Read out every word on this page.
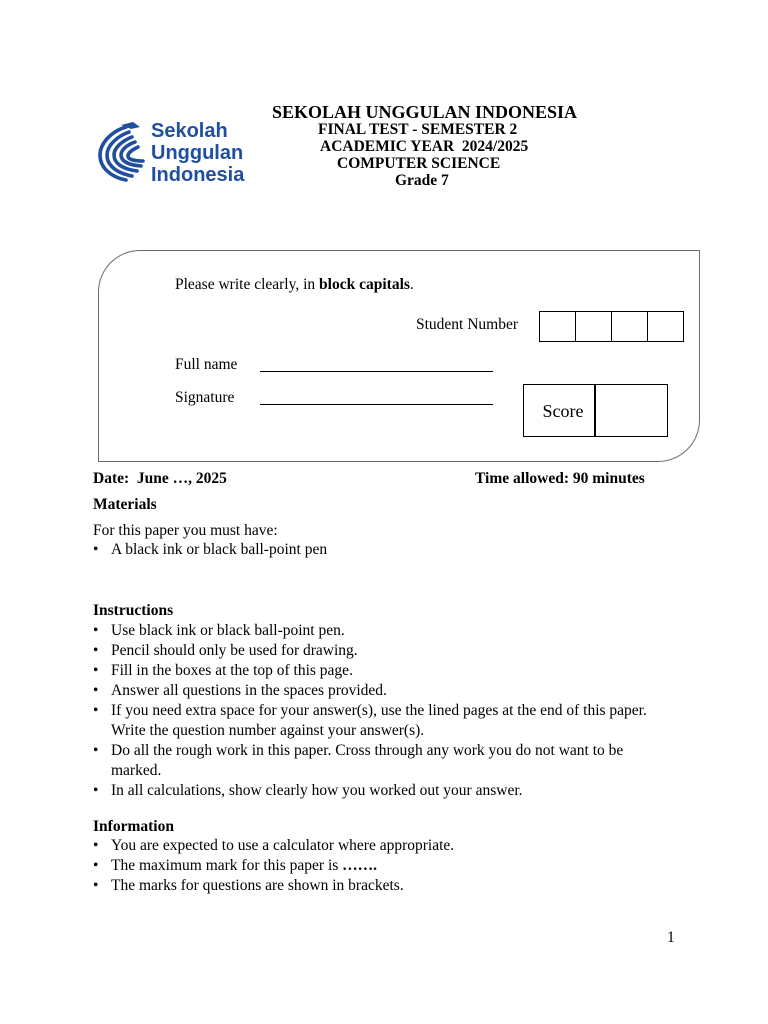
Sekolah
Unggulan
Indonesia
SEKOLAH UNGGULAN INDONESIA
FINAL TEST - SEMESTER 2
ACADEMIC YEAR  2024/2025
COMPUTER SCIENCE
Grade 7
Please write clearly, in block capitals.
Student Number
Full name
Signature
Score
Date:  June …, 2025	Time allowed: 90 minutes
Materials
For this paper you must have:
•
A black ink or black ball-point pen
Instructions
•
Use black ink or black ball-point pen.
•
Pencil should only be used for drawing.
•
Fill in the boxes at the top of this page.
•
Answer all questions in the spaces provided.
•
If you need extra space for your answer(s), use the lined pages at the end of this paper. Write the question number against your answer(s).
•
Do all the rough work in this paper. Cross through any work you do not want to be marked.
•
In all calculations, show clearly how you worked out your answer.
Information
•
You are expected to use a calculator where appropriate.
•
The maximum mark for this paper is …….
•
The marks for questions are shown in brackets.
1
